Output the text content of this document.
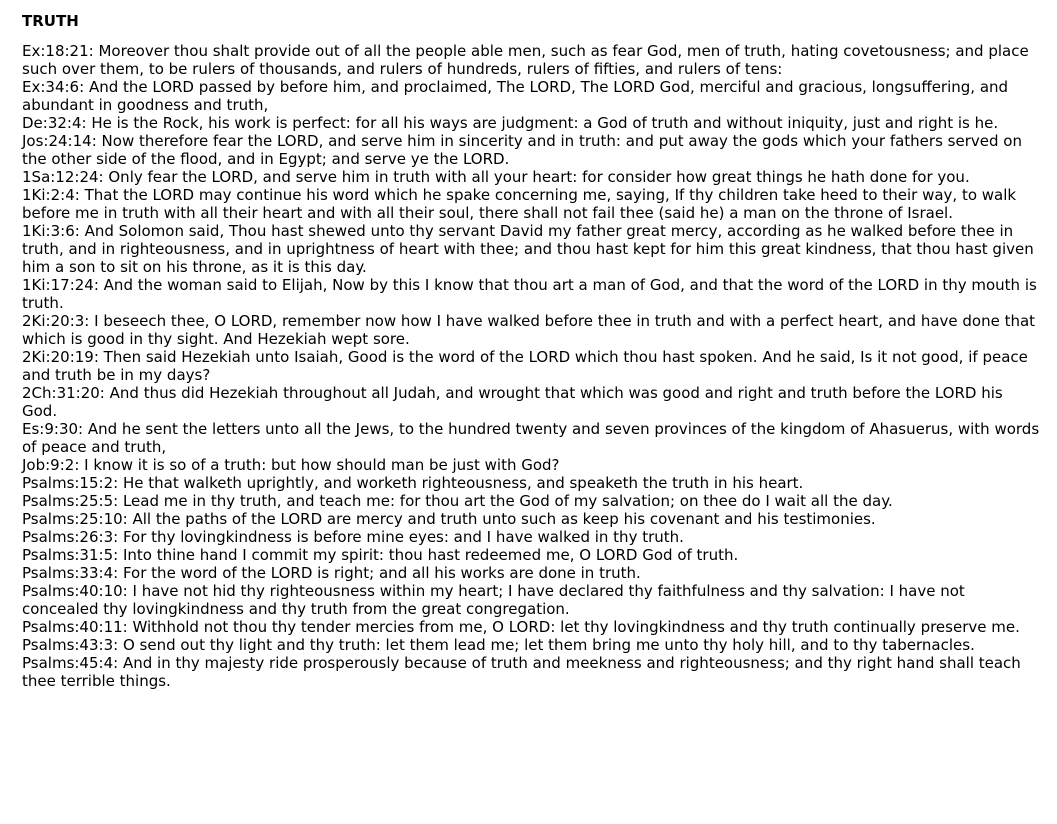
TRUTH
Ex:18:21: Moreover thou shalt provide out of all the people able men, such as fear God, men of truth, hating covetousness; and place such over them, to be rulers of thousands, and rulers of hundreds, rulers of fifties, and rulers of tens:
Ex:34:6: And the LORD passed by before him, and proclaimed, The LORD, The LORD God, merciful and gracious, longsuffering, and abundant in goodness and truth,
De:32:4: He is the Rock, his work is perfect: for all his ways are judgment: a God of truth and without iniquity, just and right is he.
Jos:24:14: Now therefore fear the LORD, and serve him in sincerity and in truth: and put away the gods which your fathers served on the other side of the flood, and in Egypt; and serve ye the LORD.
1Sa:12:24: Only fear the LORD, and serve him in truth with all your heart: for consider how great things he hath done for you.
1Ki:2:4: That the LORD may continue his word which he spake concerning me, saying, If thy children take heed to their way, to walk before me in truth with all their heart and with all their soul, there shall not fail thee (said he) a man on the throne of Israel.
1Ki:3:6: And Solomon said, Thou hast shewed unto thy servant David my father great mercy, according as he walked before thee in truth, and in righteousness, and in uprightness of heart with thee; and thou hast kept for him this great kindness, that thou hast given him a son to sit on his throne, as it is this day.
1Ki:17:24: And the woman said to Elijah, Now by this I know that thou art a man of God, and that the word of the LORD in thy mouth is truth.
2Ki:20:3: I beseech thee, O LORD, remember now how I have walked before thee in truth and with a perfect heart, and have done that which is good in thy sight. And Hezekiah wept sore.
2Ki:20:19: Then said Hezekiah unto Isaiah, Good is the word of the LORD which thou hast spoken. And he said, Is it not good, if peace and truth be in my days?
2Ch:31:20: And thus did Hezekiah throughout all Judah, and wrought that which was good and right and truth before the LORD his God.
Es:9:30: And he sent the letters unto all the Jews, to the hundred twenty and seven provinces of the kingdom of Ahasuerus, with words of peace and truth,
Job:9:2: I know it is so of a truth: but how should man be just with God?
Psalms:15:2: He that walketh uprightly, and worketh righteousness, and speaketh the truth in his heart.
Psalms:25:5: Lead me in thy truth, and teach me: for thou art the God of my salvation; on thee do I wait all the day.
Psalms:25:10: All the paths of the LORD are mercy and truth unto such as keep his covenant and his testimonies.
Psalms:26:3: For thy lovingkindness is before mine eyes: and I have walked in thy truth.
Psalms:31:5: Into thine hand I commit my spirit: thou hast redeemed me, O LORD God of truth.
Psalms:33:4: For the word of the LORD is right; and all his works are done in truth.
Psalms:40:10: I have not hid thy righteousness within my heart; I have declared thy faithfulness and thy salvation: I have not concealed thy lovingkindness and thy truth from the great congregation.
Psalms:40:11: Withhold not thou thy tender mercies from me, O LORD: let thy lovingkindness and thy truth continually preserve me.
Psalms:43:3: O send out thy light and thy truth: let them lead me; let them bring me unto thy holy hill, and to thy tabernacles.
Psalms:45:4: And in thy majesty ride prosperously because of truth and meekness and righteousness; and thy right hand shall teach thee terrible things.
